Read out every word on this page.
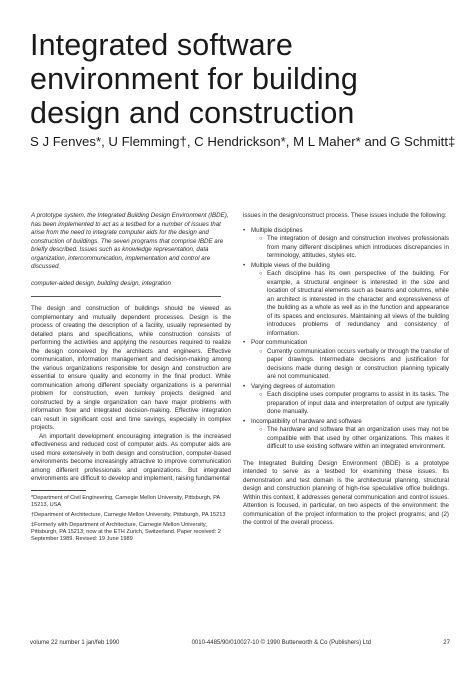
Integrated software environment for building design and construction

S J Fenves*, U Flemming†, C Hendrickson*, M L Maher* and G Schmitt‡

A prototype system, the Integrated Building Design Environment (IBDE), has been implemented to act as a testbed for a number of issues that arise from the need to integrate computer aids for the design and construction of buildings. The seven programs that comprise IBDE are briefly described. Issues such as knowledge representation, data organization, intercommunication, implementation and control are discussed.

computer-aided design, building design, integration

The design and construction of buildings should be viewed as complementary and mutually dependent processes. Design is the process of creating the description of a facility, usually represented by detailed plans and specifications, while construction consists of performing the activities and applying the resources required to realize the design conceived by the architects and engineers. Effective communication, information management and decision-making among the various organizations responsible for design and construction are essential to ensure quality and economy in the final product. While communication among different specialty organizations is a perennial problem for construction, even turnkey projects designed and constructed by a single organization can have major problems with information flow and integrated decision-making. Effective integration can result in significant cost and time savings, especially in complex projects.

An important development encouraging integration is the increased effectiveness and reduced cost of computer aids. As computer aids are used more extensively in both design and construction, computer-based environments become increasingly attractive to improve communication among different professionals and organizations. But integrated environments are difficult to develop and implement, raising fundamental

*Department of Civil Engineering, Carnegie Mellon University, Pittsburgh, PA 15213, USA

†Department of Architecture, Carnegie Mellon University, Pittsburgh, PA 15213

‡Formerly with Department of Architecture, Carnegie Mellon University, Pittsburgh, PA 15213; now at the ETH Zurich, Switzerland. Paper received: 2 September 1989. Revised: 19 June 1989

issues in the design/construct process. These issues include the following:

• Multiple disciplines
○ The integration of design and construction involves professionals from many different disciplines which introduces discrepancies in terminology, attitudes, styles etc.
• Multiple views of the building
○ Each discipline has its own perspective of the building. For example, a structural engineer is interested in the size and location of structural elements such as beams and columns, while an architect is interested in the character and expressiveness of the building as a whole as well as in the function and appearance of its spaces and enclosures. Maintaining all views of the building introduces problems of redundancy and consistency of information.
• Poor communication
○ Currently communication occurs verbally or through the transfer of paper drawings. Intermediate decisions and justification for decisions made during design or construction planning typically are not communicated.
• Varying degrees of automation
○ Each discipline uses computer programs to assist in its tasks. The preparation of input data and interpretation of output are typically done manually.
• Incompatibility of hardware and software
○ The hardware and software that an organization uses may not be compatible with that used by other organizations. This makes it difficult to use existing software within an integrated environment.

The Integrated Building Design Environment (IBDE) is a prototype intended to serve as a testbed for examining these issues. Its demonstration and test domain is the architectural planning, structural design and construction planning of high-rise speculative office buildings. Within this context, it addresses general communication and control issues. Attention is focused, in particular, on two aspects of the environment: the communication of the project information to the project programs; and (2) the control of the overall process.

volume 22 number 1 jan/feb 1990	0010-4485/90/010027-10 © 1990 Butterworth & Co (Publishers) Ltd	27
